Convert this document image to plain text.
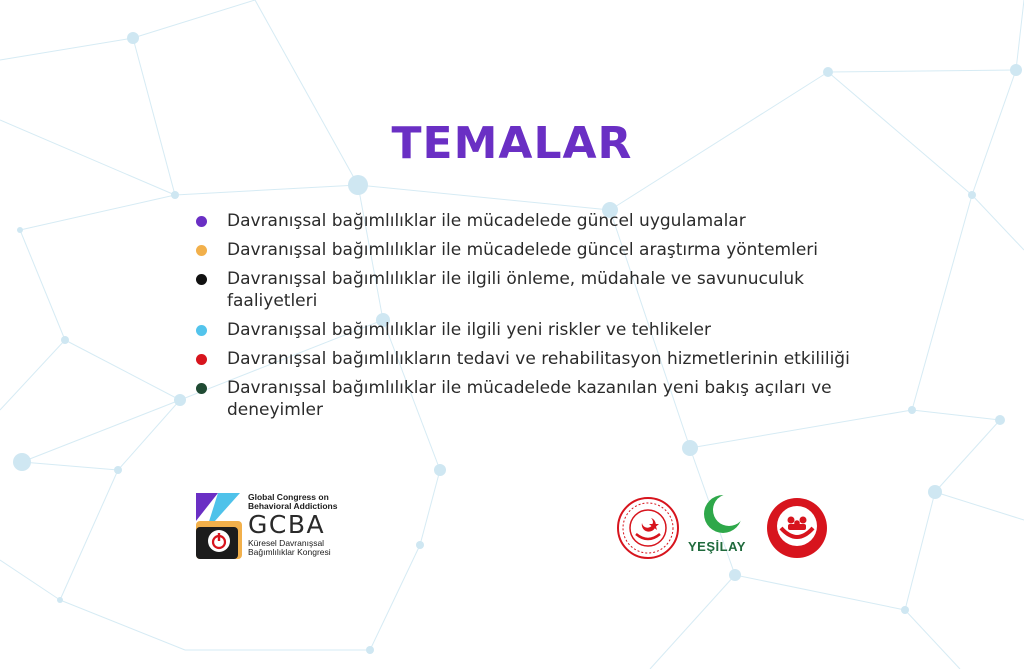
TEMALAR
Davranışsal bağımlılıklar ile mücadelede güncel uygulamalar
Davranışsal bağımlılıklar ile mücadelede güncel araştırma yöntemleri
Davranışsal bağımlılıklar ile ilgili önleme, müdahale ve savunuculuk faaliyetleri
Davranışsal bağımlılıklar ile ilgili yeni riskler ve tehlikeler
Davranışsal bağımlılıkların tedavi ve rehabilitasyon hizmetlerinin etkililiği
Davranışsal bağımlılıklar ile mücadelede kazanılan yeni bakış açıları ve deneyimler
Global Congress on
Behavioral Addictions
GCBA
Küresel Davranışsal
Bağımlılıklar Kongresi	YEŞİLAY
